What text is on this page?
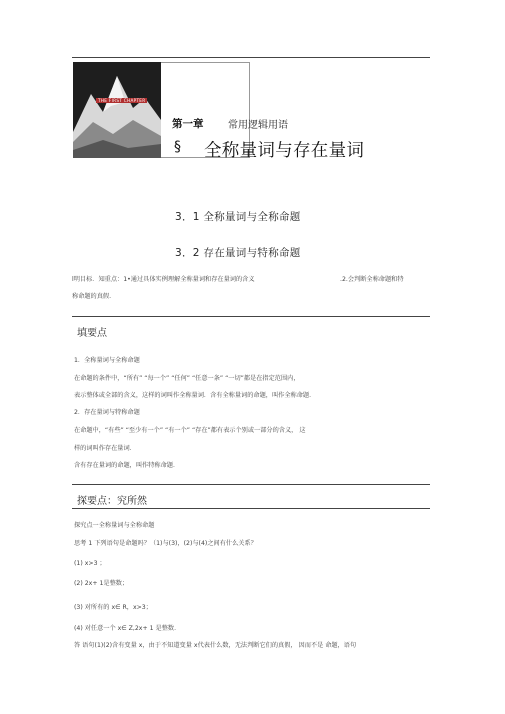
THE FIRST CHAPTER
第一章 常用逻辑用语
§ 全称量词与存在量词
3．1 全称量词与全称命题
3．2 存在量词与特称命题
l明目标．知重点：1•通过具体实例理解全称量词和存在量词的含义	.2.会判断全称命题和特
称命题的真假.
填要点
1．全称量词与全称命题
在命题的条件中，“所有” “每一个” “任何” “任意一条” “一切”都是在指定范围内，
表示整体或全部的含义，这样的词叫作全称量词．含有全称量词的命题，叫作全称命题．
2．存在量词与特称命题
在命题中，“有些” “至少有一个” “有一个” “存在”都有表示个别或一部分的含义， 这
样的词叫作存在量词．
含有存在量词的命题，叫作特称命题．
探要点：究所然
探究点一全称量词与全称命题
思考 1 下列语句是命题吗？（1)与(3)，(2)与(4)之间有什么关系？
(1) x>3 ；
(2) 2x+ 1是整数；
(3) 对所有的 x∈ R，x>3；
(4) 对任意一个 x∈ Z,2x+ 1 是整数．
答 语句(1)(2)含有变量 x，由于不知道变量 x代表什么数，无法判断它们的真假， 因而不是 命题，语句
